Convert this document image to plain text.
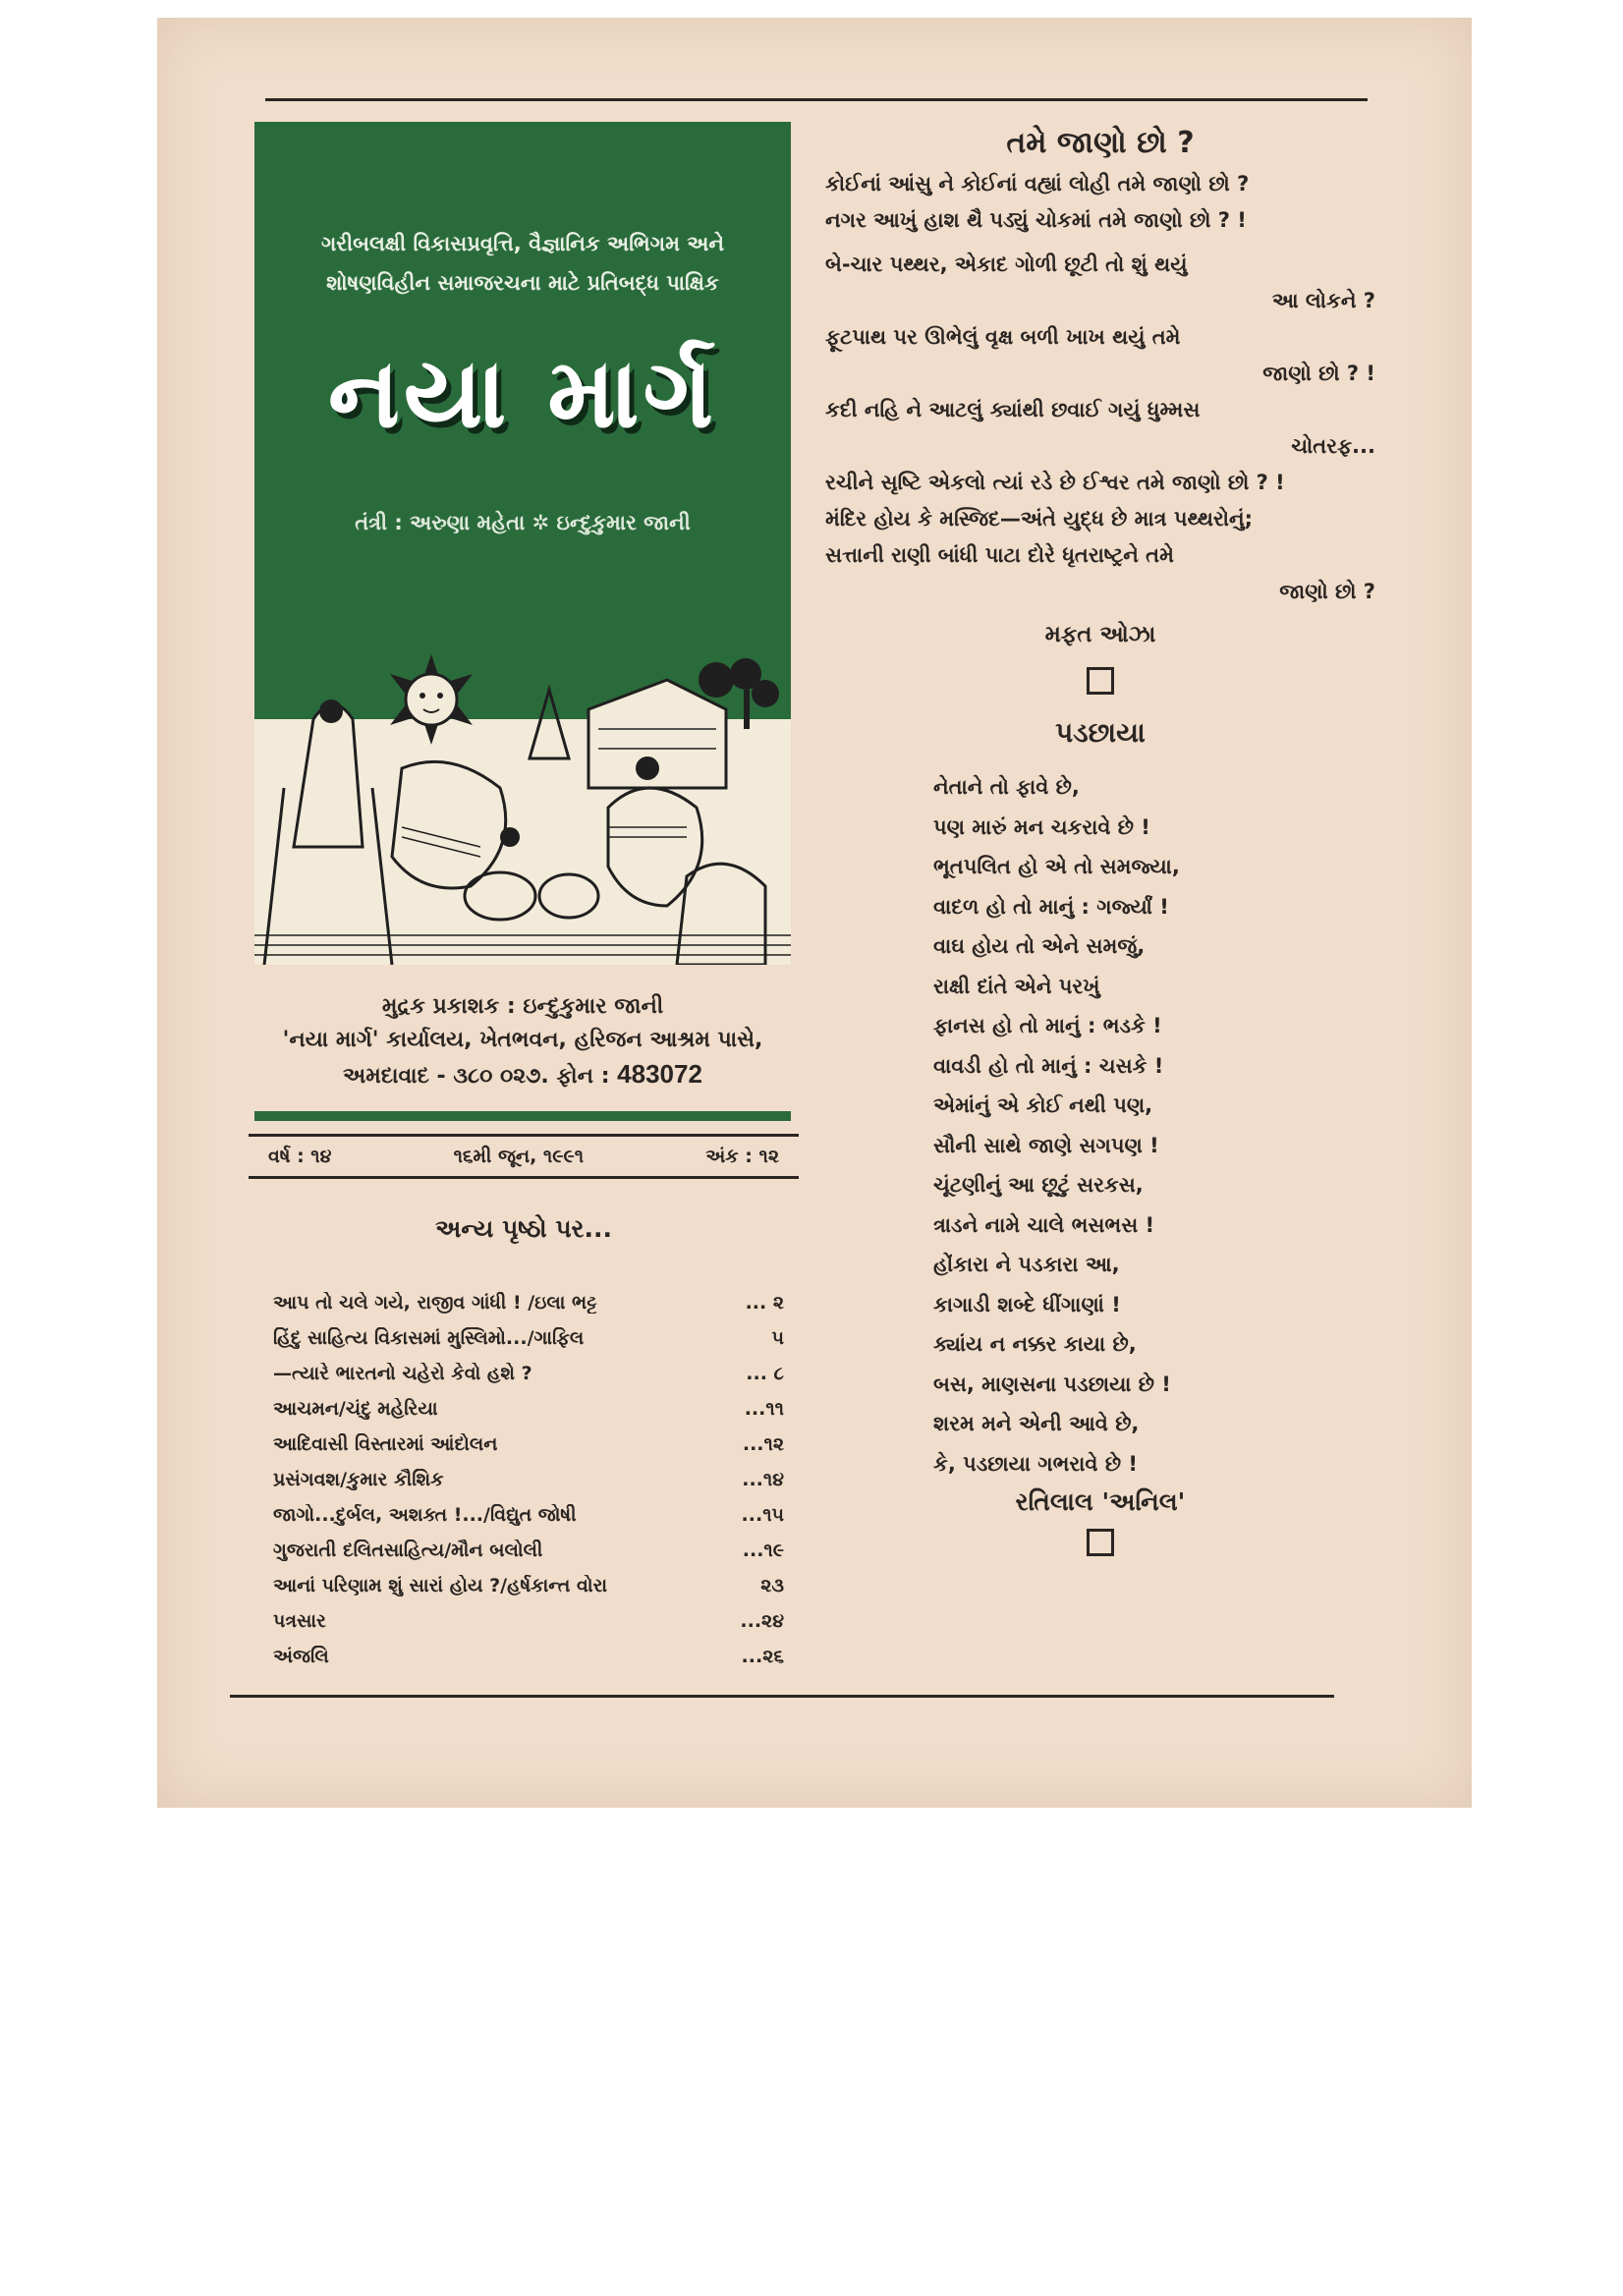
ગરીબલક્ષી વિકાસપ્રવૃત્તિ, વૈજ્ઞાનિક અભિગમ અને
શોષણવિહીન સમાજરચના માટે પ્રતિબદ્ધ પાક્ષિક
નયા માર્ગ
તંત્રી : અરુણા મહેતા ✲ ઇન્દુકુમાર જાની
મુદ્રક પ્રકાશક : ઇન્દુકુમાર જાની
'નયા માર્ગ' કાર્યાલય, ખેતભવન, હરિજન આશ્રમ પાસે,
અમદાવાદ - ૩૮૦ ૦૨૭. ફોન : 483072
વર્ષ : ૧૪	૧૬મી જૂન, ૧૯૯૧	અંક : ૧૨
અન્ય પૃષ્ઠો પર...
આપ તો ચલે ગયે, રાજીવ ગાંધી ! /ઇલા ભટ્ટ	... ૨
હિંદુ સાહિત્ય વિકાસમાં મુસ્લિમો.../ગાફિલ	૫
—ત્યારે ભારતનો ચહેરો કેવો હશે ?	... ૮
આચમન/ચંદુ મહેરિયા	...૧૧
આદિવાસી વિસ્તારમાં આંદોલન	...૧૨
પ્રસંગવશ/કુમાર કૌશિક	...૧૪
જાગો...દુર્બલ, અશક્ત !.../વિદ્યુત જોષી	...૧૫
ગુજરાતી દલિતસાહિત્ય/મૌન બલોલી	...૧૯
આનાં પરિણામ શું સારાં હોય ?/હર્ષકાન્ત વોરા	૨૩
પત્રસાર	...૨૪
અંજલિ	...૨૬
તમે જાણો છો ?

કોઈનાં આંસુ ને કોઈનાં વહ્યાં લોહી તમે જાણો છો ?

નગર આખું હાશ થૈ પડ્યું ચોકમાં તમે જાણો છો ? !

બે-ચાર પથ્થર, એકાદ ગોળી છૂટી તો શું થયું

આ લોકને ?

ફૂટપાથ પર ઊભેલું વૃક્ષ બળી ખાખ થયું તમે

જાણો છો ? !

કદી નહિ ને આટલું ક્યાંથી છવાઈ ગયું ધુમ્મસ

ચોતરફ...

રચીને સૃષ્ટિ એકલો ત્યાં રડે છે ઈશ્વર તમે જાણો છો ? !

મંદિર હોય કે મસ્જિદ—અંતે યુદ્ધ છે માત્ર પથ્થરોનું;

સત્તાની રાણી બાંધી પાટા દોરે ધૃતરાષ્ટ્રને તમે

જાણો છો ?

મફત ઓઝા
પડછાયા

નેતાને તો ફાવે છે,

પણ મારું મન ચકરાવે છે !

ભૂતપલિત હો એ તો સમજ્યા,

વાદળ હો તો માનું : ગર્જ્યાં !

વાઘ હોય તો એને સમજું,

રાક્ષી દાંતે એને પરખું

ફાનસ હો તો માનું : ભડકે !

વાવડી હો તો માનું : ચસકે !

એમાંનું એ કોઈ નથી પણ,

સૌની સાથે જાણે સગપણ !

ચૂંટણીનું આ છૂટું સરકસ,

ત્રાડને નામે ચાલે ભસભસ !

હોંકારા ને પડકારા આ,

કાગાડી શબ્દે ધીંગાણાં !

ક્યાંય ન નક્કર કાયા છે,

બસ, માણસના પડછાયા છે !

શરમ મને એની આવે છે,

કે, પડછાયા ગભરાવે છે !

રતિલાલ 'અનિલ'
